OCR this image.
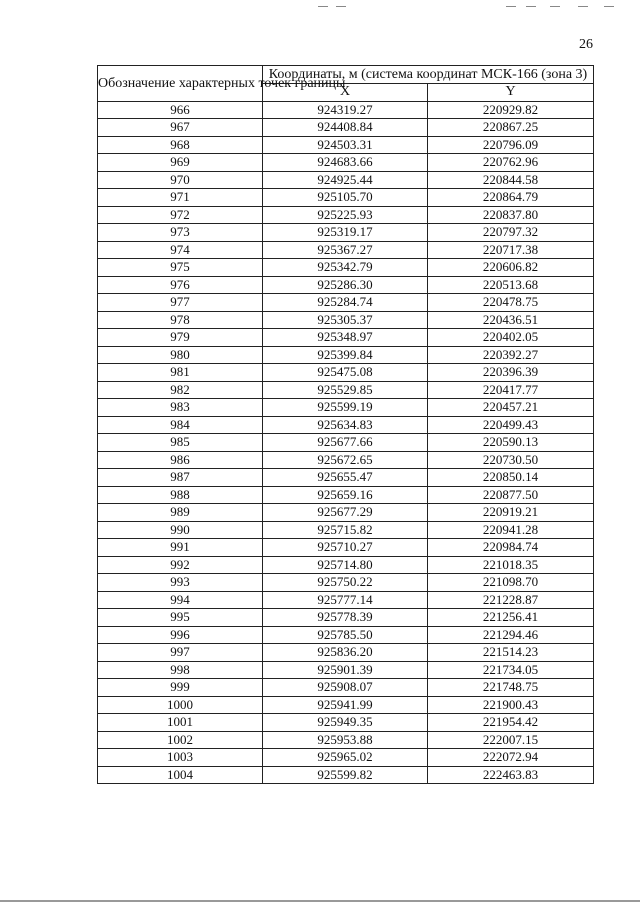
26
Обозначение характерных точек границы	Координаты, м (система координат МСК-166 (зона 3)	
	X	Y
966	924319.27	220929.82
967	924408.84	220867.25
968	924503.31	220796.09
969	924683.66	220762.96
970	924925.44	220844.58
971	925105.70	220864.79
972	925225.93	220837.80
973	925319.17	220797.32
974	925367.27	220717.38
975	925342.79	220606.82
976	925286.30	220513.68
977	925284.74	220478.75
978	925305.37	220436.51
979	925348.97	220402.05
980	925399.84	220392.27
981	925475.08	220396.39
982	925529.85	220417.77
983	925599.19	220457.21
984	925634.83	220499.43
985	925677.66	220590.13
986	925672.65	220730.50
987	925655.47	220850.14
988	925659.16	220877.50
989	925677.29	220919.21
990	925715.82	220941.28
991	925710.27	220984.74
992	925714.80	221018.35
993	925750.22	221098.70
994	925777.14	221228.87
995	925778.39	221256.41
996	925785.50	221294.46
997	925836.20	221514.23
998	925901.39	221734.05
999	925908.07	221748.75
1000	925941.99	221900.43
1001	925949.35	221954.42
1002	925953.88	222007.15
1003	925965.02	222072.94
1004	925599.82	222463.83
